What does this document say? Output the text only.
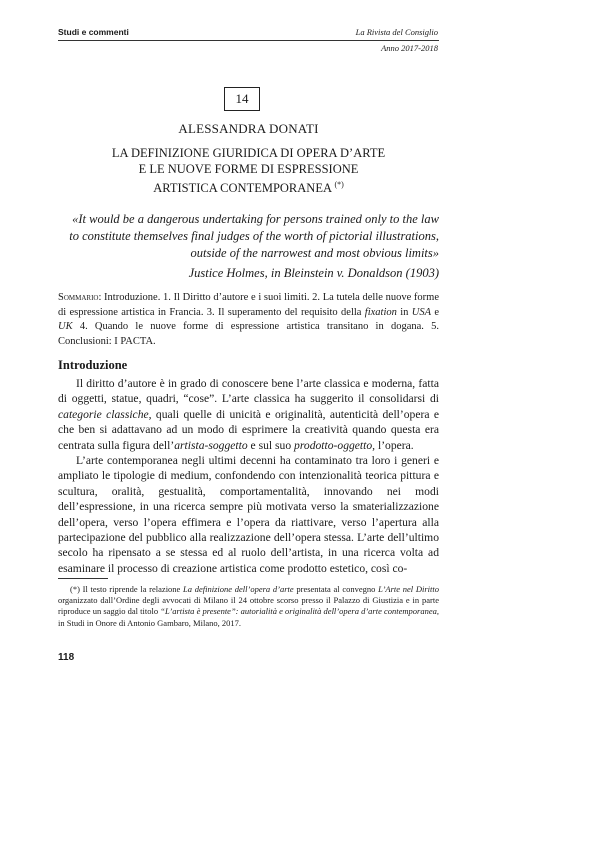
Studi e commenti	La Rivista del Consiglio
Anno 2017-2018
14
ALESSANDRA DONATI
LA DEFINIZIONE GIURIDICA DI OPERA D’ARTE
E LE NUOVE FORME DI ESPRESSIONE
ARTISTICA CONTEMPORANEA (*)
«It would be a dangerous undertaking for persons trained only to the law
to constitute themselves final judges of the worth of pictorial illustrations,
outside of the narrowest and most obvious limits»
Justice Holmes, in Bleinstein v. Donaldson (1903)
Sommario: Introduzione. 1. Il Diritto d’autore e i suoi limiti. 2. La tutela delle nuove forme di espressione artistica in Francia. 3. Il superamento del requisito della fixation in USA e UK 4. Quando le nuove forme di espressione artistica transitano in dogana. 5. Conclusioni: I PACTA.
Introduzione

Il diritto d’autore è in grado di conoscere bene l’arte classica e moderna, fatta di oggetti, statue, quadri, “cose”. L’arte classica ha suggerito il consolidarsi di categorie classiche, quali quelle di unicità e originalità, autenticità dell’opera e che ben si adattavano ad un modo di esprimere la creatività quando questa era centrata sulla figura dell’artista-soggetto e sul suo prodotto-oggetto, l’opera.

L’arte contemporanea negli ultimi decenni ha contaminato tra loro i generi e ampliato le tipologie di medium, confondendo con intenzionalità teorica pittura e scultura, oralità, gestualità, comportamentalità, innovando nei modi dell’espressione, in una ricerca sempre più motivata verso la smaterializzazione dell’opera, verso l’opera effimera e l’opera da riattivare, verso l’apertura alla partecipazione del pubblico alla realizzazione dell’opera stessa. L’arte dell’ultimo secolo ha ripensato a se stessa ed al ruolo dell’artista, in una ricerca volta ad esaminare il processo di creazione artistica come prodotto estetico, così co-

(*) Il testo riprende la relazione La definizione dell’opera d’arte presentata al convegno L’Arte nel Diritto organizzato dall’Ordine degli avvocati di Milano il 24 ottobre scorso presso il Palazzo di Giustizia e in parte riproduce un saggio dal titolo “L’artista è presente”: autorialità e originalità dell’opera d’arte contemporanea, in Studi in Onore di Antonio Gambaro, Milano, 2017.
118
